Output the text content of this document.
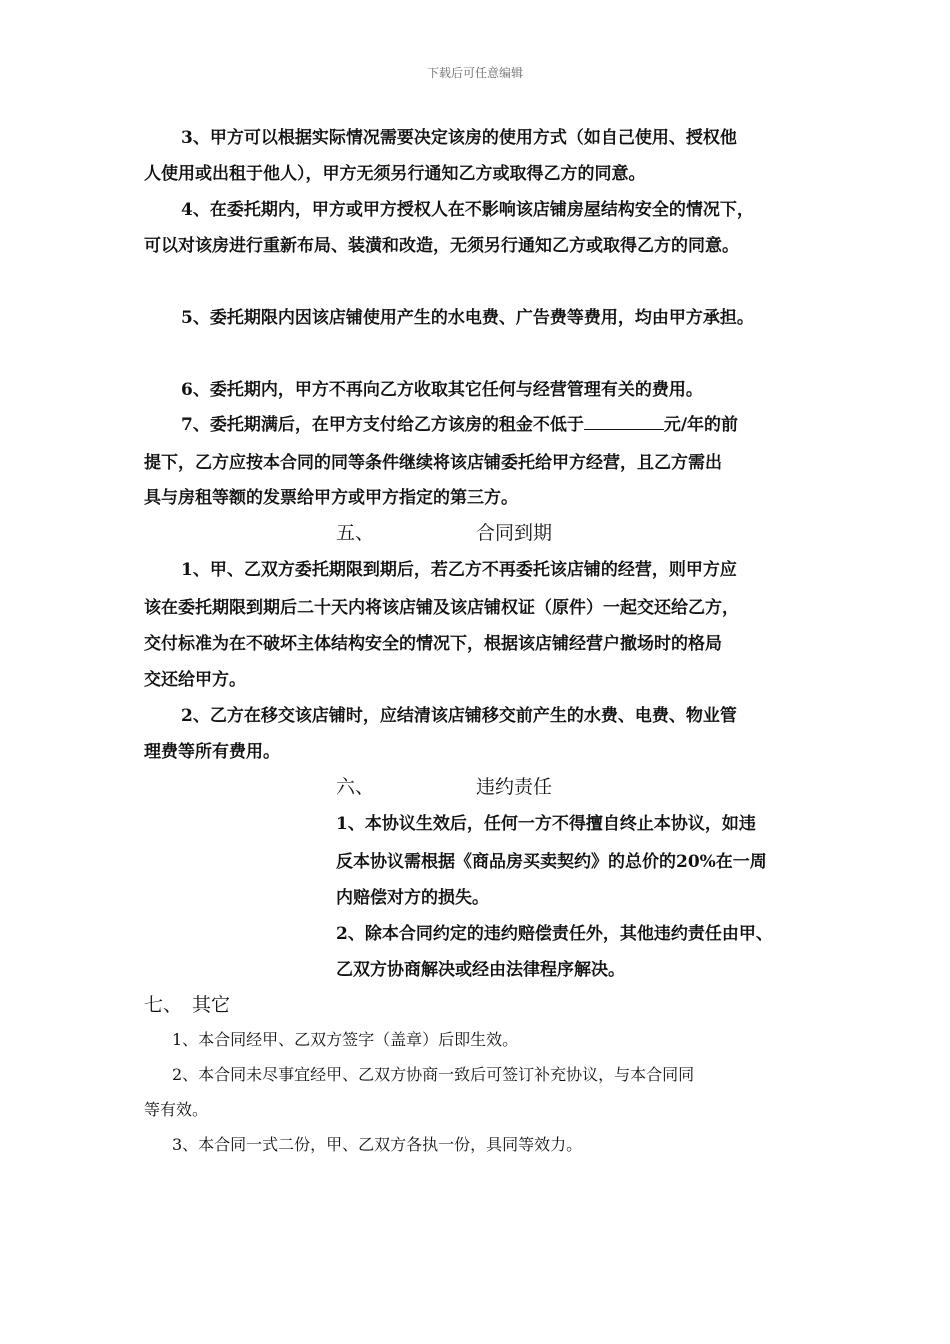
下载后可任意编辑
3、甲方可以根据实际情况需要决定该房的使用方式（如自己使用、授权他
人使用或出租于他人），甲方无须另行通知乙方或取得乙方的同意。
4、在委托期内，甲方或甲方授权人在不影响该店铺房屋结构安全的情况下，
可以对该房进行重新布局、装潢和改造，无须另行通知乙方或取得乙方的同意。
5、委托期限内因该店铺使用产生的水电费、广告费等费用，均由甲方承担。
6、委托期内，甲方不再向乙方收取其它任何与经营管理有关的费用。
7、委托期满后，在甲方支付给乙方该房的租金不低于	元/年的前
提下，乙方应按本合同的同等条件继续将该店铺委托给甲方经营，且乙方需出
具与房租等额的发票给甲方或甲方指定的第三方。
五、	合同到期
1、甲、乙双方委托期限到期后，若乙方不再委托该店铺的经营，则甲方应
该在委托期限到期后二十天内将该店铺及该店铺权证（原件）一起交还给乙方，
交付标准为在不破坏主体结构安全的情况下，根据该店铺经营户撤场时的格局
交还给甲方。
2、乙方在移交该店铺时，应结清该店铺移交前产生的水费、电费、物业管
理费等所有费用。
六、	违约责任
1、本协议生效后，任何一方不得擅自终止本协议，如违
反本协议需根据《商品房买卖契约》的总价的20%在一周
内赔偿对方的损失。
2、除本合同约定的违约赔偿责任外，其他违约责任由甲、
乙双方协商解决或经由法律程序解决。
七、 其它
1、本合同经甲、乙双方签字（盖章）后即生效。
2、本合同未尽事宜经甲、乙双方协商一致后可签订补充协议，与本合同同
等有效。
3、本合同一式二份，甲、乙双方各执一份，具同等效力。
